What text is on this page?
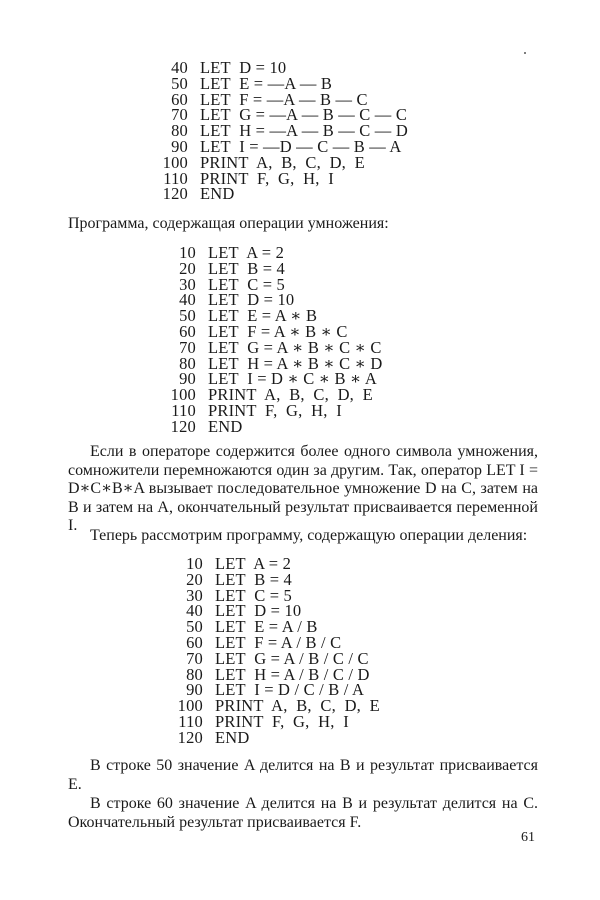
40 LET  D = 10
50 LET  E = —A — B
60 LET  F = —A — B — C
70 LET  G = —A — B — C — C
80 LET  H = —A — B — C — D
90 LET  I = —D — C — B — A
100 PRINT  A,  B,  C,  D,  E
110 PRINT  F,  G,  H,  I
120 END

Программа, содержащая операции умножения:

10 LET  A = 2
20 LET  B = 4
30 LET  C = 5
40 LET  D = 10
50 LET  E = A ∗ B
60 LET  F = A ∗ B ∗ C
70 LET  G = A ∗ B ∗ C ∗ C
80 LET  H = A ∗ B ∗ C ∗ D
90 LET  I = D ∗ C ∗ B ∗ A
100 PRINT  A,  B,  C,  D,  E
110 PRINT  F,  G,  H,  I
120 END

Если в операторе содержится более одного символа умножения, сомножители перемножаются один за другим. Так, оператор LET I = D∗C∗B∗A вызывает последовательное умножение D на C, затем на B и затем на A, окончательный результат присваивается переменной I.

Теперь рассмотрим программу, содержащую операции деления:

10 LET  A = 2
20 LET  B = 4
30 LET  C = 5
40 LET  D = 10
50 LET  E = A / B
60 LET  F = A / B / C
70 LET  G = A / B / C / C
80 LET  H = A / B / C / D
90 LET  I = D / C / B / A
100 PRINT  A,  B,  C,  D,  E
110 PRINT  F,  G,  H,  I
120 END

В строке 50 значение A делится на B и результат присваивается E.

В строке 60 значение A делится на B и результат делится на C. Окончательный результат присваивается F.

61
